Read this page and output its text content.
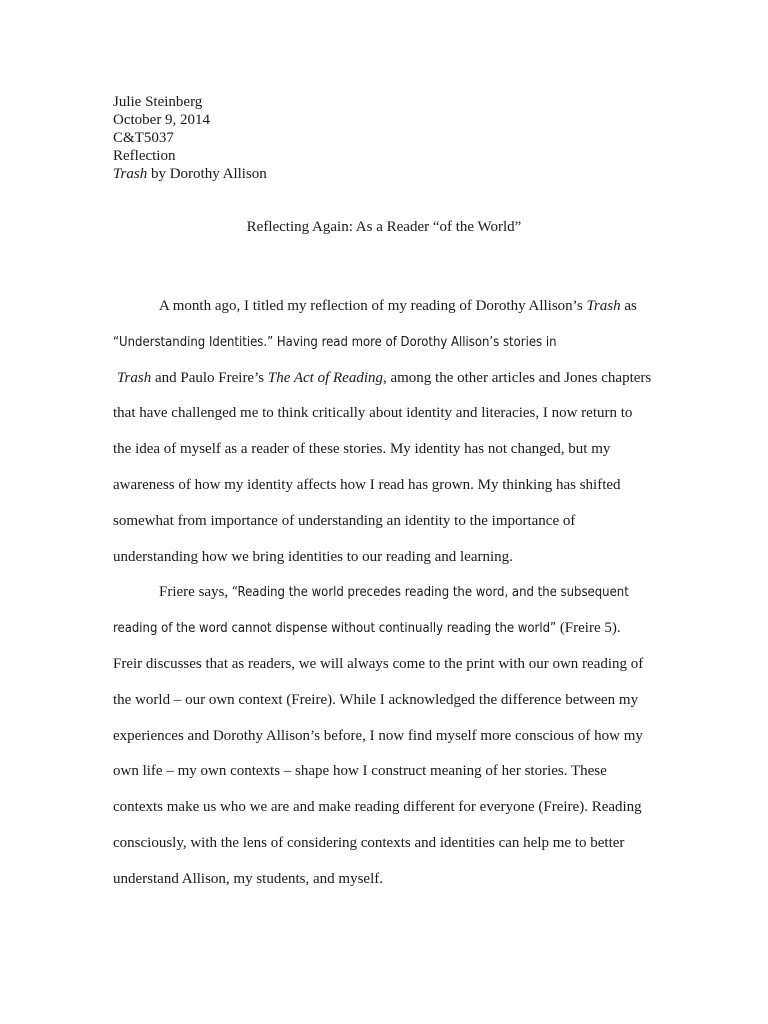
Julie Steinberg
October 9, 2014
C&T5037
Reflection
Trash by Dorothy Allison
Reflecting Again: As a Reader “of the World”
A month ago, I titled my reflection of my reading of Dorothy Allison’s Trash as
“Understanding Identities.” Having read more of Dorothy Allison’s stories in
Trash and Paulo Freire’s The Act of Reading, among the other articles and Jones chapters
that have challenged me to think critically about identity and literacies, I now return to
the idea of myself as a reader of these stories. My identity has not changed, but my
awareness of how my identity affects how I read has grown. My thinking has shifted
somewhat from importance of understanding an identity to the importance of
understanding how we bring identities to our reading and learning.
Friere says, “Reading the world precedes reading the word, and the subsequent
reading of the word cannot dispense without continually reading the world” (Freire 5).
Freir discusses that as readers, we will always come to the print with our own reading of
the world – our own context (Freire). While I acknowledged the difference between my
experiences and Dorothy Allison’s before, I now find myself more conscious of how my
own life – my own contexts – shape how I construct meaning of her stories. These
contexts make us who we are and make reading different for everyone (Freire). Reading
consciously, with the lens of considering contexts and identities can help me to better
understand Allison, my students, and myself.
